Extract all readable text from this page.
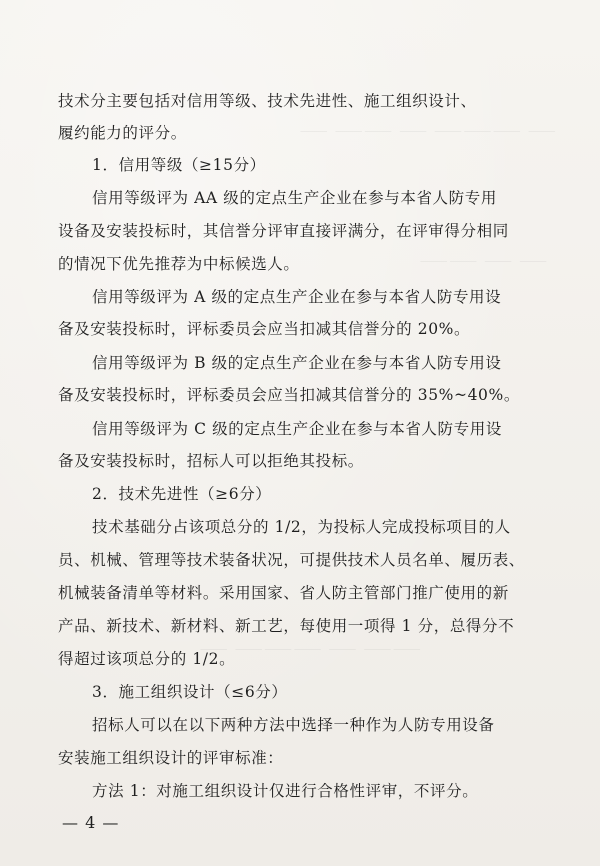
⸻ ⸻⸻ ⸻ ⸻⸻⸻ ⸻
⸻⸻ ⸻ ⸻
⸻ ⸻⸻⸻ ⸻ ⸻⸻
技术分主要包括对信用等级、技术先进性、施工组织设计、
履约能力的评分。
1．信用等级（≥15分）
信用等级评为 AA 级的定点生产企业在参与本省人防专用
设备及安装投标时，其信誉分评审直接评满分，在评审得分相同
的情况下优先推荐为中标候选人。
信用等级评为 A 级的定点生产企业在参与本省人防专用设
备及安装投标时，评标委员会应当扣减其信誉分的 20%。
信用等级评为 B 级的定点生产企业在参与本省人防专用设
备及安装投标时，评标委员会应当扣减其信誉分的 35%~40%。
信用等级评为 C 级的定点生产企业在参与本省人防专用设
备及安装投标时，招标人可以拒绝其投标。
2．技术先进性（≥6分）
技术基础分占该项总分的 1/2，为投标人完成投标项目的人
员、机械、管理等技术装备状况，可提供技术人员名单、履历表、
机械装备清单等材料。采用国家、省人防主管部门推广使用的新
产品、新技术、新材料、新工艺，每使用一项得 1 分，总得分不
得超过该项总分的 1/2。
3．施工组织设计（≤6分）
招标人可以在以下两种方法中选择一种作为人防专用设备
安装施工组织设计的评审标准：
方法 1：对施工组织设计仅进行合格性评审，不评分。
— 4 —
